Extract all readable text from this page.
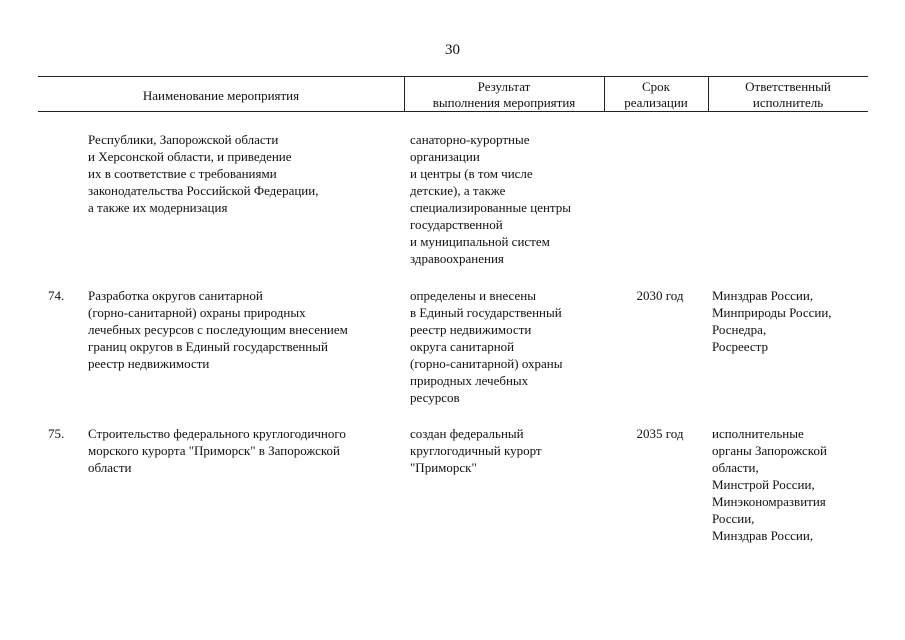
30
Наименование мероприятия
Результат
выполнения мероприятия
Срок
реализации
Ответственный
исполнитель
Республики, Запорожской области
и Херсонской области, и приведение
их в соответствие с требованиями
законодательства Российской Федерации,
а также их модернизация
санаторно-курортные
организации
и центры (в том числе
детские), а также
специализированные центры
государственной
и муниципальной систем
здравоохранения
74. Разработка округов санитарной
(горно-санитарной) охраны природных
лечебных ресурсов с последующим внесением
границ округов в Единый государственный
реестр недвижимости
определены и внесены
в Единый государственный
реестр недвижимости
округа санитарной
(горно-санитарной) охраны
природных лечебных
ресурсов
2030 год	Минздрав России,
Минприроды России,
Роснедра,
Росреестр
75. Строительство федерального круглогодичного
морского курорта "Приморск" в Запорожской
области
создан федеральный
круглогодичный курорт
"Приморск"
2035 год	исполнительные
органы Запорожской
области,
Минстрой России,
Минэкономразвития
России,
Минздрав России,
